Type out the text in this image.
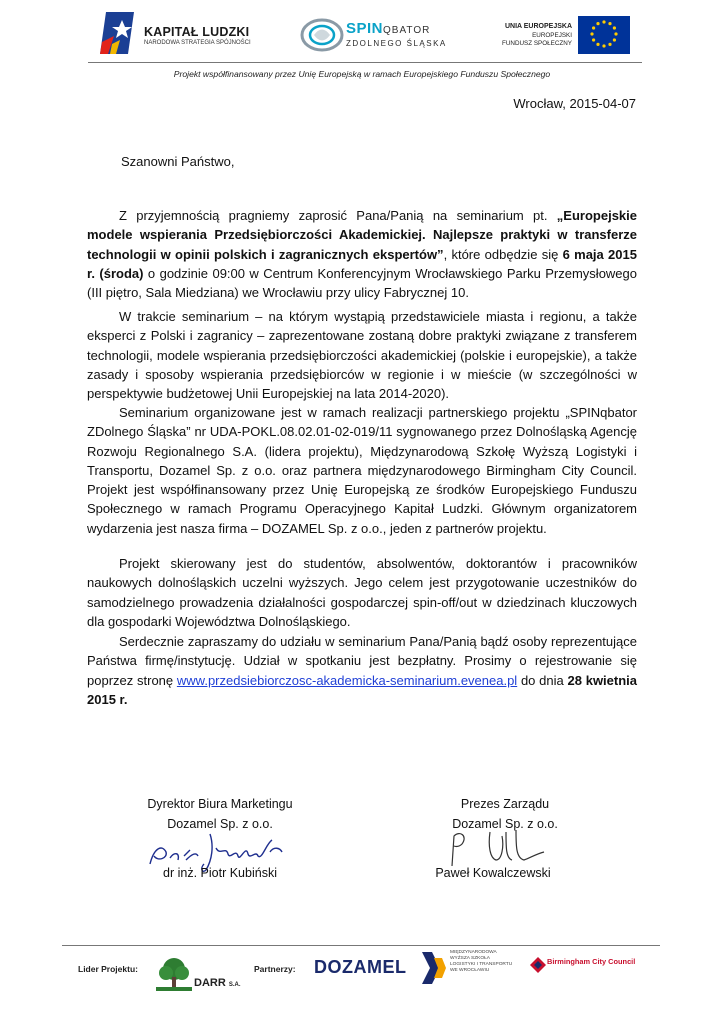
KAPITAŁ LUDZKI
NARODOWA STRATEGIA SPÓJNOŚCI
SPINQBATOR
ZDOLNEGO ŚLĄSKA
UNIA EUROPEJSKA
EUROPEJSKI
FUNDUSZ SPOŁECZNY
Projekt współfinansowany przez Unię Europejską w ramach Europejskiego Funduszu Społecznego
Wrocław, 2015-04-07
Szanowni Państwo,

Z przyjemnością pragniemy zaprosić Pana/Panią na seminarium pt. „Europejskie modele wspierania Przedsiębiorczości Akademickiej. Najlepsze praktyki w transferze technologii w opinii polskich i zagranicznych ekspertów”, które odbędzie się 6 maja 2015 r. (środa) o godzinie 09:00 w Centrum Konferencyjnym Wrocławskiego Parku Przemysłowego (III piętro, Sala Miedziana) we Wrocławiu przy ulicy Fabrycznej 10.

W trakcie seminarium – na którym wystąpią przedstawiciele miasta i regionu, a także eksperci z Polski i zagranicy – zaprezentowane zostaną dobre praktyki związane z transferem technologii, modele wspierania przedsiębiorczości akademickiej (polskie i europejskie), a także zasady i sposoby wspierania przedsiębiorców w regionie i w mieście (w szczególności w perspektywie budżetowej Unii Europejskiej na lata 2014-2020).

Seminarium organizowane jest w ramach realizacji partnerskiego projektu „SPINqbator ZDolnego Śląska” nr UDA-POKL.08.02.01-02-019/11 sygnowanego przez Dolnośląską Agencję Rozwoju Regionalnego S.A. (lidera projektu), Międzynarodową Szkołę Wyższą Logistyki i Transportu, Dozamel Sp. z o.o. oraz partnera międzynarodowego Birmingham City Council. Projekt jest współfinansowany przez Unię Europejską ze środków Europejskiego Funduszu Społecznego w ramach Programu Operacyjnego Kapitał Ludzki. Głównym organizatorem wydarzenia jest nasza firma – DOZAMEL Sp. z o.o., jeden z partnerów projektu.

Projekt skierowany jest do studentów, absolwentów, doktorantów i pracowników naukowych dolnośląskich uczelni wyższych. Jego celem jest przygotowanie uczestników do samodzielnego prowadzenia działalności gospodarczej spin-off/out w dziedzinach kluczowych dla gospodarki Województwa Dolnośląskiego.

Serdecznie zapraszamy do udziału w seminarium Pana/Panią bądź osoby reprezentujące Państwa firmę/instytucję. Udział w spotkaniu jest bezpłatny. Prosimy o rejestrowanie się poprzez stronę www.przedsiebiorczosc-akademicka-seminarium.evenea.pl do dnia 28 kwietnia 2015 r.

Dyrektor Biura Marketingu
Dozamel Sp. z o.o.
dr inż. Piotr Kubiński
Prezes Zarządu
Dozamel Sp. z o.o.
Paweł Kowalczewski
Lider Projektu:
DARR S.A.
Partnerzy: DOZAMEL
MIĘDZYNARODOWA
WYŻSZA SZKOŁA
LOGISTYKI I TRANSPORTU
WE WROCŁAWIU
Birmingham City Council
